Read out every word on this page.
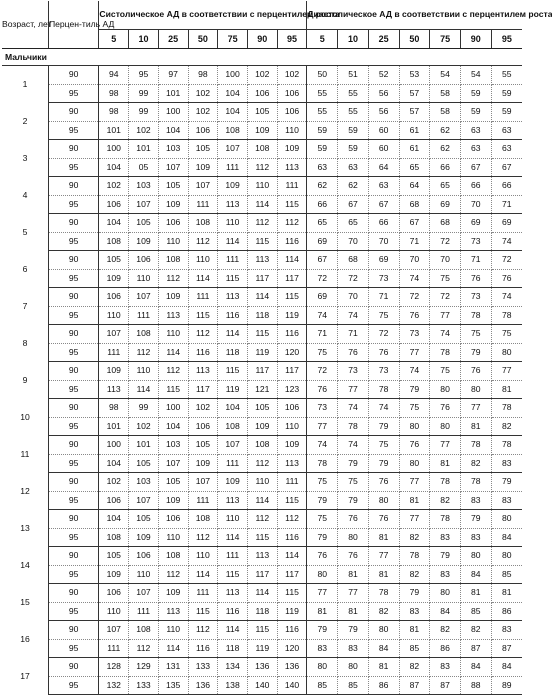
Возраст, лет	Перцен-тиль АД	Систолическое АД в соответствии с перцентилем роста							Диастолическое АД в соответствии с перцентилем роста						
		5	10	25	50	75	90	95	5	10	25	50	75	90	95
Мальчики															
1	90	94	95	97	98	100	102	102	50	51	52	53	54	54	55
	95	98	99	101	102	104	106	106	55	55	56	57	58	59	59
2	90	98	99	100	102	104	105	106	55	55	56	57	58	59	59
	95	101	102	104	106	108	109	110	59	59	60	61	62	63	63
3	90	100	101	103	105	107	108	109	59	59	60	61	62	63	63
	95	104	05	107	109	111	112	113	63	63	64	65	66	67	67
4	90	102	103	105	107	109	110	111	62	62	63	64	65	66	66
	95	106	107	109	111	113	114	115	66	67	67	68	69	70	71
5	90	104	105	106	108	110	112	112	65	65	66	67	68	69	69
	95	108	109	110	112	114	115	116	69	70	70	71	72	73	74
6	90	105	106	108	110	111	113	114	67	68	69	70	70	71	72
	95	109	110	112	114	115	117	117	72	72	73	74	75	76	76
7	90	106	107	109	111	113	114	115	69	70	71	72	72	73	74
	95	110	111	113	115	116	118	119	74	74	75	76	77	78	78
8	90	107	108	110	112	114	115	116	71	71	72	73	74	75	75
	95	111	112	114	116	118	119	120	75	76	76	77	78	79	80
9	90	109	110	112	113	115	117	117	72	73	73	74	75	76	77
	95	113	114	115	117	119	121	123	76	77	78	79	80	80	81
10	90	98	99	100	102	104	105	106	73	74	74	75	76	77	78
	95	101	102	104	106	108	109	110	77	78	79	80	80	81	82
11	90	100	101	103	105	107	108	109	74	74	75	76	77	78	78
	95	104	105	107	109	111	112	113	78	79	79	80	81	82	83
12	90	102	103	105	107	109	110	111	75	75	76	77	78	78	79
	95	106	107	109	111	113	114	115	79	79	80	81	82	83	83
13	90	104	105	106	108	110	112	112	75	76	76	77	78	79	80
	95	108	109	110	112	114	115	116	79	80	81	82	83	83	84
14	90	105	106	108	110	111	113	114	76	76	77	78	79	80	80
	95	109	110	112	114	115	117	117	80	81	81	82	83	84	85
15	90	106	107	109	111	113	114	115	77	77	78	79	80	81	81
	95	110	111	113	115	116	118	119	81	81	82	83	84	85	86
16	90	107	108	110	112	114	115	116	79	79	80	81	82	82	83
	95	111	112	114	116	118	119	120	83	83	84	85	86	87	87
17	90	128	129	131	133	134	136	136	80	80	81	82	83	84	84
	95	132	133	135	136	138	140	140	85	85	86	87	87	88	89
